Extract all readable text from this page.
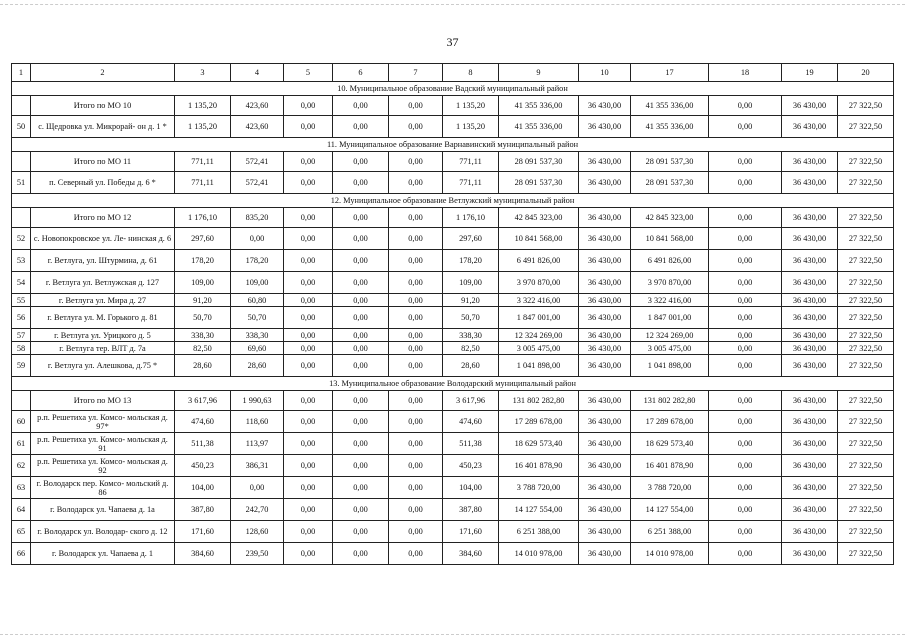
37
1	2	3	4	5	6	7	8	9	10	17	18	19	20
10. Муниципальное образование Вадский муниципальный район													
	Итого по МО 10	1 135,20	423,60	0,00	0,00	0,00	1 135,20	41 355 336,00	36 430,00	41 355 336,00	0,00	36 430,00	27 322,50
50	с. Щедровка ул. Микрорай- он д. 1 *	1 135,20	423,60	0,00	0,00	0,00	1 135,20	41 355 336,00	36 430,00	41 355 336,00	0,00	36 430,00	27 322,50
11. Муниципальное образование Варнавинский муниципальный район													
	Итого по МО 11	771,11	572,41	0,00	0,00	0,00	771,11	28 091 537,30	36 430,00	28 091 537,30	0,00	36 430,00	27 322,50
51	п. Северный ул. Победы д. 6 *	771,11	572,41	0,00	0,00	0,00	771,11	28 091 537,30	36 430,00	28 091 537,30	0,00	36 430,00	27 322,50
12. Муниципальное образование Ветлужский муниципальный район													
	Итого по МО 12	1 176,10	835,20	0,00	0,00	0,00	1 176,10	42 845 323,00	36 430,00	42 845 323,00	0,00	36 430,00	27 322,50
52	с. Новопокровское ул. Ле- нинская д. 6	297,60	0,00	0,00	0,00	0,00	297,60	10 841 568,00	36 430,00	10 841 568,00	0,00	36 430,00	27 322,50
53	г. Ветлуга, ул. Штурмина, д. 61	178,20	178,20	0,00	0,00	0,00	178,20	6 491 826,00	36 430,00	6 491 826,00	0,00	36 430,00	27 322,50
54	г. Ветлуга ул. Ветлужская д. 127	109,00	109,00	0,00	0,00	0,00	109,00	3 970 870,00	36 430,00	3 970 870,00	0,00	36 430,00	27 322,50
55	г. Ветлуга ул. Мира д. 27	91,20	60,80	0,00	0,00	0,00	91,20	3 322 416,00	36 430,00	3 322 416,00	0,00	36 430,00	27 322,50
56	г. Ветлуга ул. М. Горького д. 81	50,70	50,70	0,00	0,00	0,00	50,70	1 847 001,00	36 430,00	1 847 001,00	0,00	36 430,00	27 322,50
57	г. Ветлуга ул. Урицкого д. 5	338,30	338,30	0,00	0,00	0,00	338,30	12 324 269,00	36 430,00	12 324 269,00	0,00	36 430,00	27 322,50
58	г. Ветлуга тер. ВЛТ д. 7а	82,50	69,60	0,00	0,00	0,00	82,50	3 005 475,00	36 430,00	3 005 475,00	0,00	36 430,00	27 322,50
59	г. Ветлуга ул. Алешкова, д.75 *	28,60	28,60	0,00	0,00	0,00	28,60	1 041 898,00	36 430,00	1 041 898,00	0,00	36 430,00	27 322,50
13. Муниципальное образование Володарский муниципальный район													
	Итого по МО 13	3 617,96	1 990,63	0,00	0,00	0,00	3 617,96	131 802 282,80	36 430,00	131 802 282,80	0,00	36 430,00	27 322,50
60	р.п. Решетиха ул. Комсо- мольская д. 97*	474,60	118,60	0,00	0,00	0,00	474,60	17 289 678,00	36 430,00	17 289 678,00	0,00	36 430,00	27 322,50
61	р.п. Решетиха ул. Комсо- мольская д. 91	511,38	113,97	0,00	0,00	0,00	511,38	18 629 573,40	36 430,00	18 629 573,40	0,00	36 430,00	27 322,50
62	р.п. Решетиха ул. Комсо- мольская д. 92	450,23	386,31	0,00	0,00	0,00	450,23	16 401 878,90	36 430,00	16 401 878,90	0,00	36 430,00	27 322,50
63	г. Володарск пер. Комсо- мольский д. 86	104,00	0,00	0,00	0,00	0,00	104,00	3 788 720,00	36 430,00	3 788 720,00	0,00	36 430,00	27 322,50
64	г. Володарск ул. Чапаева д. 1а	387,80	242,70	0,00	0,00	0,00	387,80	14 127 554,00	36 430,00	14 127 554,00	0,00	36 430,00	27 322,50
65	г. Володарск ул. Володар- ского д. 12	171,60	128,60	0,00	0,00	0,00	171,60	6 251 388,00	36 430,00	6 251 388,00	0,00	36 430,00	27 322,50
66	г. Володарск ул. Чапаева д. 1	384,60	239,50	0,00	0,00	0,00	384,60	14 010 978,00	36 430,00	14 010 978,00	0,00	36 430,00	27 322,50
